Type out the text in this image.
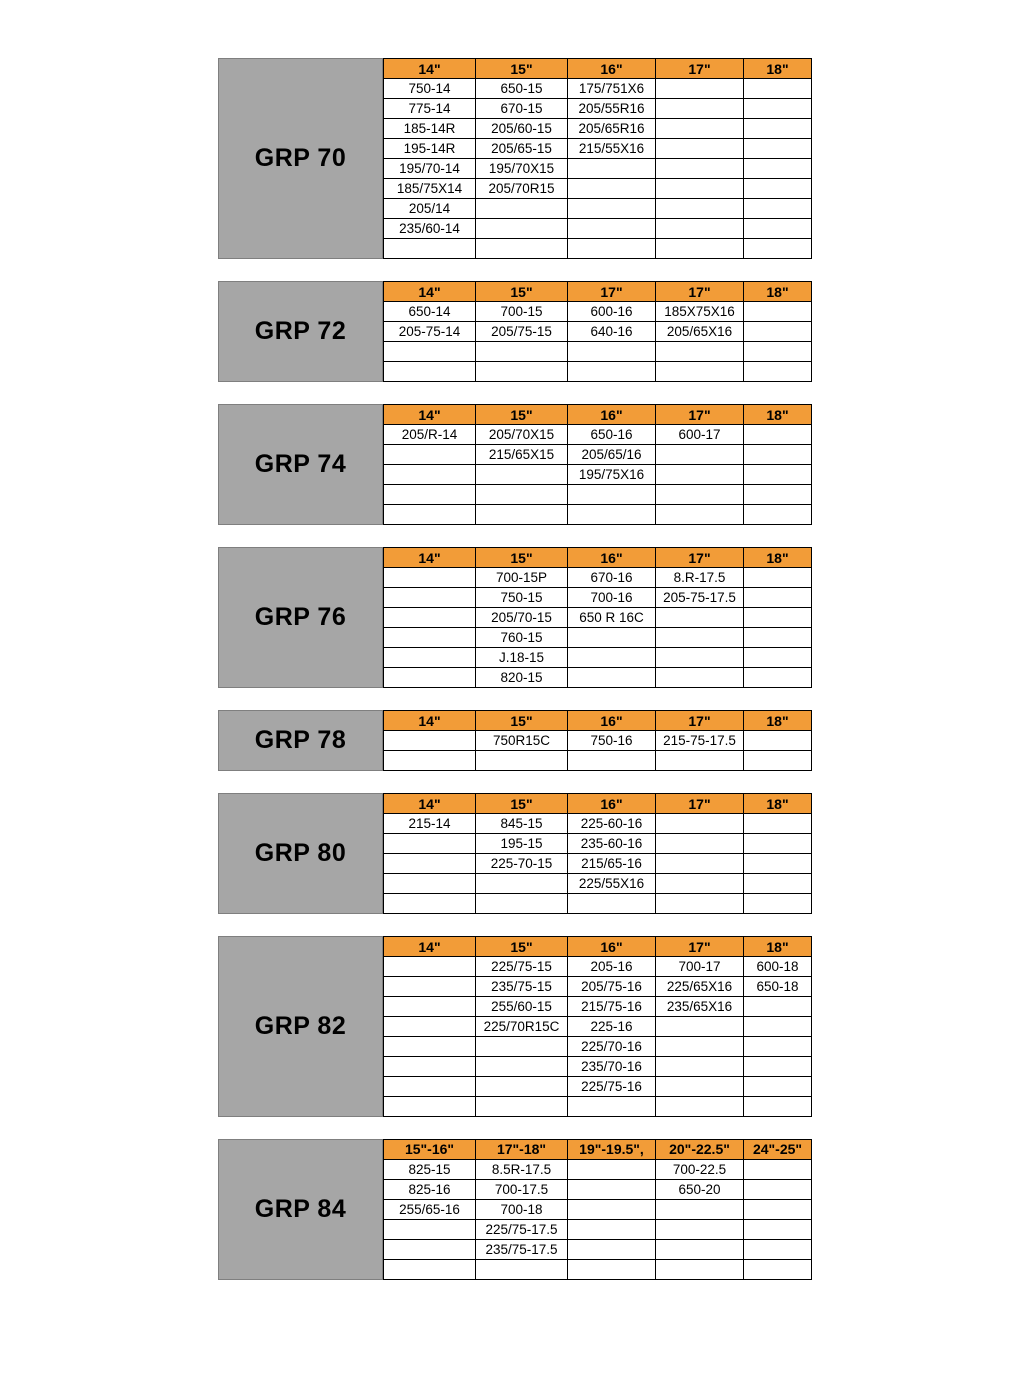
GRP 70
14"	15"	16"	17"	18"
750-14	650-15	175/751X6		
775-14	670-15	205/55R16		
185-14R	205/60-15	205/65R16		
195-14R	205/65-15	215/55X16		
195/70-14	195/70X15			
185/75X14	205/70R15			
205/14				
235/60-14				

GRP 72
14"	15"	17"	17"	18"
650-14	700-15	600-16	185X75X16	
205-75-14	205/75-15	640-16	205/65X16	

GRP 74
14"	15"	16"	17"	18"
205/R-14	205/70X15	650-16	600-17	
	215/65X15	205/65/16		
		195/75X16		

GRP 76
14"	15"	16"	17"	18"
	700-15P	670-16	8.R-17.5	
	750-15	700-16	205-75-17.5	
	205/70-15	650 R 16C		
	760-15			
	J.18-15			
	820-15			
GRP 78
14"	15"	16"	17"	18"
	750R15C	750-16	215-75-17.5	

GRP 80
14"	15"	16"	17"	18"
215-14	845-15	225-60-16		
	195-15	235-60-16		
	225-70-15	215/65-16		
		225/55X16		

GRP 82
14"	15"	16"	17"	18"
	225/75-15	205-16	700-17	600-18
	235/75-15	205/75-16	225/65X16	650-18
	255/60-15	215/75-16	235/65X16	
	225/70R15C	225-16		
		225/70-16		
		235/70-16		
		225/75-16		

GRP 84
15"-16"	17"-18"	19"-19.5",	20"-22.5"	24"-25"
825-15	8.5R-17.5		700-22.5	
825-16	700-17.5		650-20	
255/65-16	700-18			
	225/75-17.5			
	235/75-17.5			
